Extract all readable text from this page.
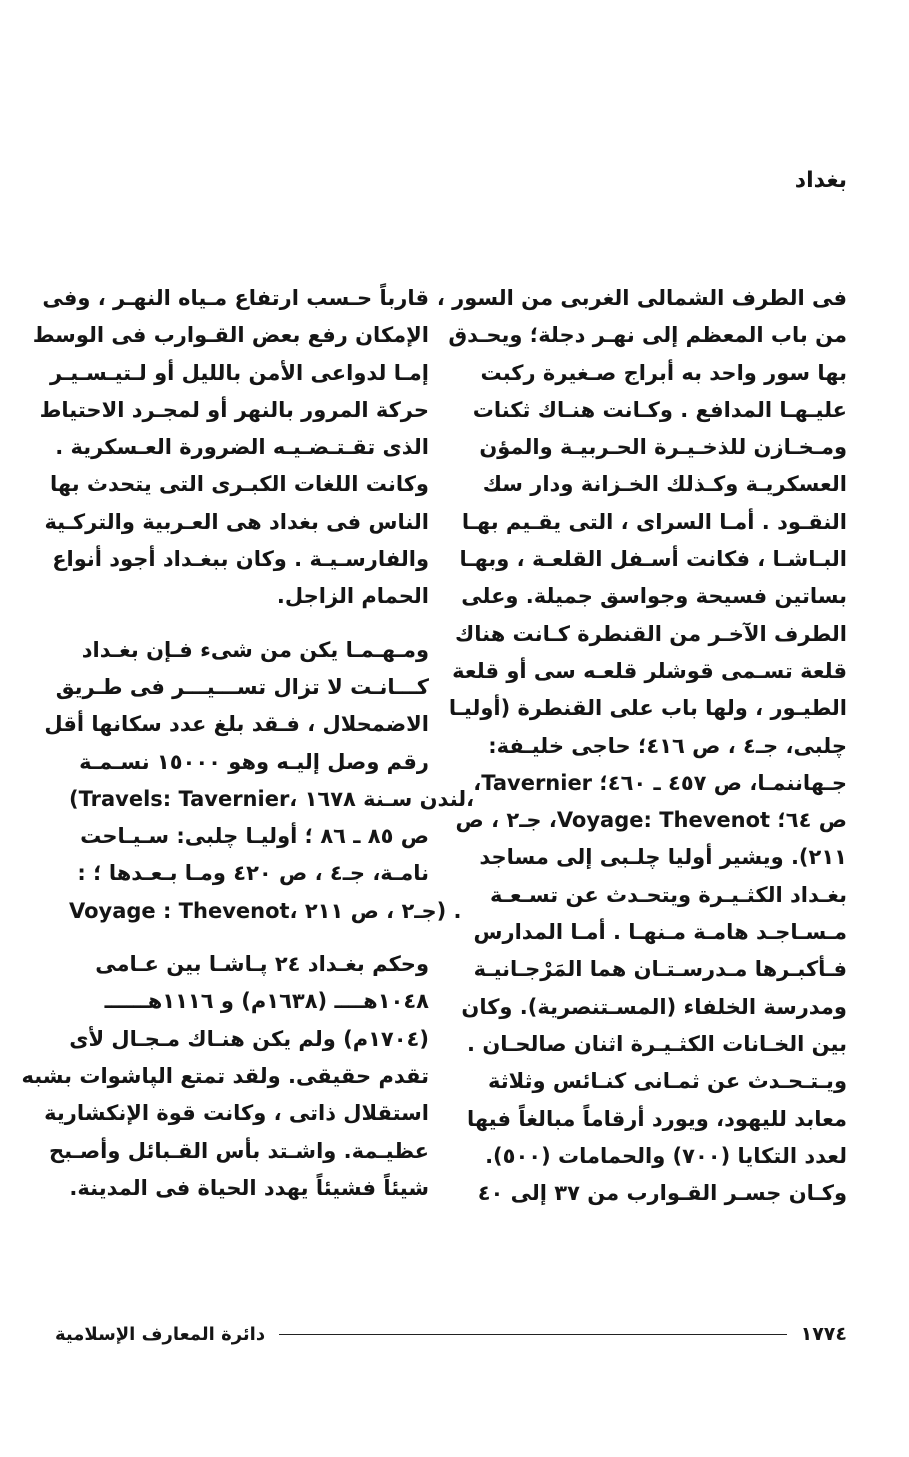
بغداد
فى الطرف الشمالى الغربى من السور ،
من باب المعظم إلى نهـر دجلة؛ ويحـدق
بها سور واحد به أبراج صـغيرة ركبت
عليـهـا المدافع . وكـانت هنـاك ثكنات
ومـخـازن للذخـيـرة الحـربيـة والمؤن
العسكريـة وكـذلك الخـزانة ودار سك
النقـود . أمـا السراى ، التى يقـيم بهـا
البـاشـا ، فكانت أسـفل القلعـة ، وبهـا
بساتين فسيحة وجواسق جميلة. وعلى
الطرف الآخـر من القنطرة كـانت هناك
قلعة تسـمى قوشلر قلعـه سى أو قلعة
الطيـور ، ولها باب على القنطرة (أوليـا
چلبى، جـ٤ ، ص ٤١٦؛ حاجى خليـفة:
جـهاننمـا، ص ٤٥٧ ـ ٤٦٠؛ Tavernier،
ص ٦٤؛ Voyage: Thevenot، جـ٢ ، ص
٢١١). ويشير أوليا چلـبى إلى مساجد
بغـداد الكثـيـرة ويتحـدث عن تسـعـة
مـسـاجـد هامـة مـنهـا . أمـا المدارس
فـأكبـرها مـدرسـتـان هما المَرْجـانيـة
ومدرسة الخلفاء (المسـتنصرية). وكان
بين الخـانات الكثـيـرة اثنان صالحـان .
ويـتـحـدث عن ثمـانى كنـائس وثلاثة
معابد لليهود، ويورد أرقاماً مبالغاً فيها
لعدد التكايا (٧٠٠) والحمامات (٥٠٠).
وكـان جسـر القـوارب من ٣٧ إلى ٤٠
قارباً حـسب ارتفاع مـياه النهـر ، وفى
الإمكان رفع بعض القـوارب فى الوسط
إمـا لدواعى الأمن بالليل أو لـتيـسـيـر
حركة المرور بالنهر أو لمجـرد الاحتياط
الذى تقـتـضـيـه الضرورة العـسكرية .
وكانت اللغات الكبـرى التى يتحدث بها
الناس فى بغداد هى العـربية والتركـية
والفارسـيـة . وكان ببغـداد أجود أنواع
الحمام الزاجل.
ومـهـمـا يكن من شىء فـإن بغـداد
كـــانـت لا تزال تســـيـــر فى طـريق
الاضمحلال ، فـقد بلغ عدد سكانها أقل
رقم وصل إليـه وهو ١٥٠٠٠ نسـمـة
(Travels: Tavernier، لندن سـنة ١٦٧٨،
ص ٨٥ ـ ٨٦ ؛ أوليـا چلبى: سـيـاحت
نامـة، جـ٤ ، ص ٤٢٠ ومـا بـعـدها ؛ :
Voyage : Thevenot، جـ٢ ، ص ٢١١) .
وحكم بغـداد ٢٤ پـاشـا بين عـامى
١٠٤٨هــــ (١٦٣٨م) و ١١١٦هــــــ
(١٧٠٤م) ولم يكن هنـاك مـجـال لأى
تقدم حقيقى. ولقد تمتع الپاشوات بشبه
استقلال ذاتى ، وكانت قوة الإنكشارية
عظيـمة. واشـتد بأس القـبائل وأصـبح
شيئاً فشيئاً يهدد الحياة فى المدينة.
١٧٧٤
دائرة المعارف الإسلامية
